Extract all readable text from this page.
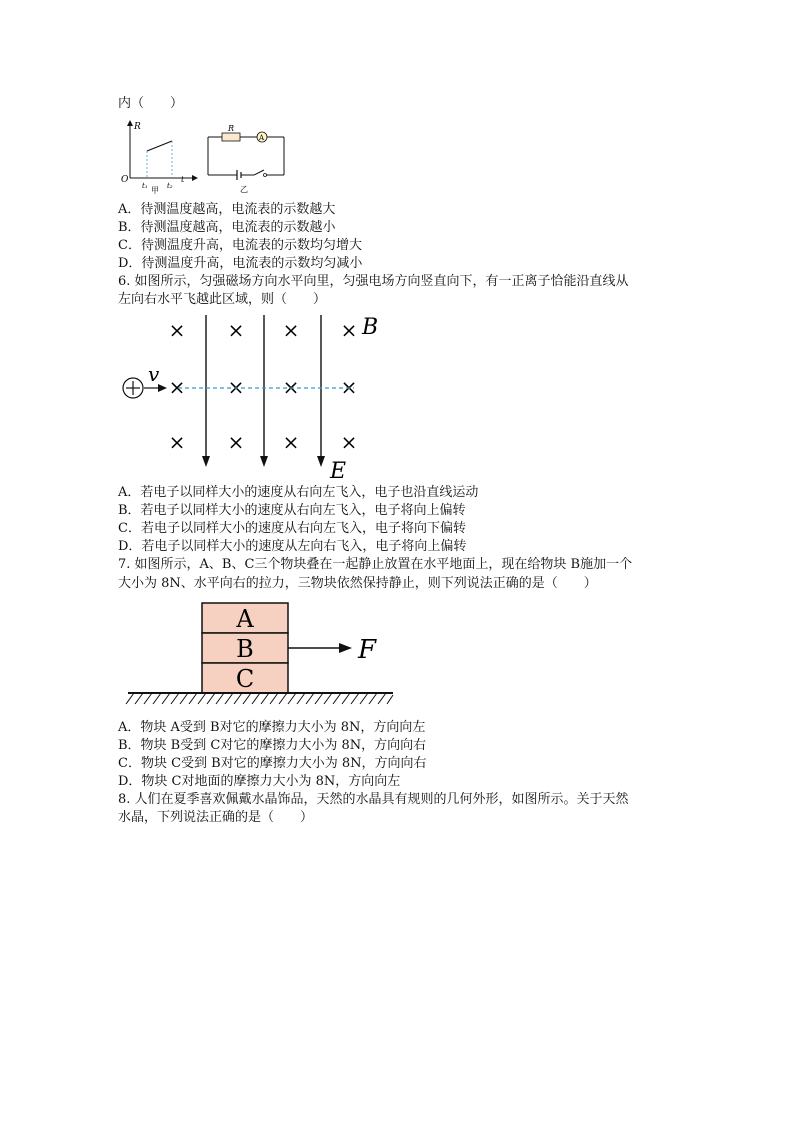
内（　　）
R
O
t₁	t₂
t
甲
R
A
乙
A．待测温度越高，电流表的示数越大
B．待测温度越高，电流表的示数越小
C．待测温度升高，电流表的示数均匀增大
D．待测温度升高，电流表的示数均匀减小
6. 如图所示，匀强磁场方向水平向里，匀强电场方向竖直向下，有一正离子恰能沿直线从
左向右水平飞越此区域，则（　　）
× × × ×
× × × ×
× × × ×
v
B
E
A．若电子以同样大小的速度从右向左飞入，电子也沿直线运动
B．若电子以同样大小的速度从右向左飞入，电子将向上偏转
C．若电子以同样大小的速度从右向左飞入，电子将向下偏转
D．若电子以同样大小的速度从左向右飞入，电子将向上偏转
7. 如图所示，A、B、C三个物块叠在一起静止放置在水平地面上，现在给物块 B施加一个
大小为 8N、水平向右的拉力，三物块依然保持静止，则下列说法正确的是（　　）
A
B
C
F
A．物块 A受到 B对它的摩擦力大小为 8N，方向向左
B．物块 B受到 C对它的摩擦力大小为 8N，方向向右
C．物块 C受到 B对它的摩擦力大小为 8N，方向向右
D．物块 C对地面的摩擦力大小为 8N，方向向左
8. 人们在夏季喜欢佩戴水晶饰品，天然的水晶具有规则的几何外形，如图所示。关于天然
水晶，下列说法正确的是（　　）
